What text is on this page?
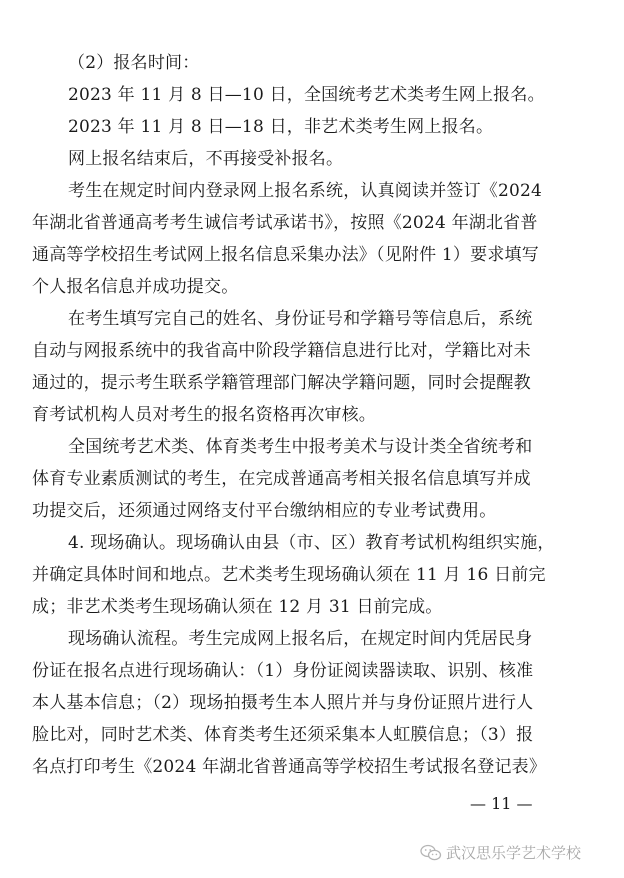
（2）报名时间：
2023 年 11 月 8 日—10 日，全国统考艺术类考生网上报名。
2023 年 11 月 8 日—18 日，非艺术类考生网上报名。
网上报名结束后，不再接受补报名。
考生在规定时间内登录网上报名系统，认真阅读并签订《2024
年湖北省普通高考考生诚信考试承诺书》，按照《2024 年湖北省普
通高等学校招生考试网上报名信息采集办法》（见附件 1）要求填写
个人报名信息并成功提交。
在考生填写完自己的姓名、身份证号和学籍号等信息后，系统
自动与网报系统中的我省高中阶段学籍信息进行比对，学籍比对未
通过的，提示考生联系学籍管理部门解决学籍问题，同时会提醒教
育考试机构人员对考生的报名资格再次审核。
全国统考艺术类、体育类考生中报考美术与设计类全省统考和
体育专业素质测试的考生，在完成普通高考相关报名信息填写并成
功提交后，还须通过网络支付平台缴纳相应的专业考试费用。
4. 现场确认。现场确认由县（市、区）教育考试机构组织实施，
并确定具体时间和地点。艺术类考生现场确认须在 11 月 16 日前完
成；非艺术类考生现场确认须在 12 月 31 日前完成。
现场确认流程。考生完成网上报名后，在规定时间内凭居民身
份证在报名点进行现场确认：（1）身份证阅读器读取、识别、核准
本人基本信息；（2）现场拍摄考生本人照片并与身份证照片进行人
脸比对，同时艺术类、体育类考生还须采集本人虹膜信息；（3）报
名点打印考生《2024 年湖北省普通高等学校招生考试报名登记表》
— 11 —
武汉思乐学艺术学校
